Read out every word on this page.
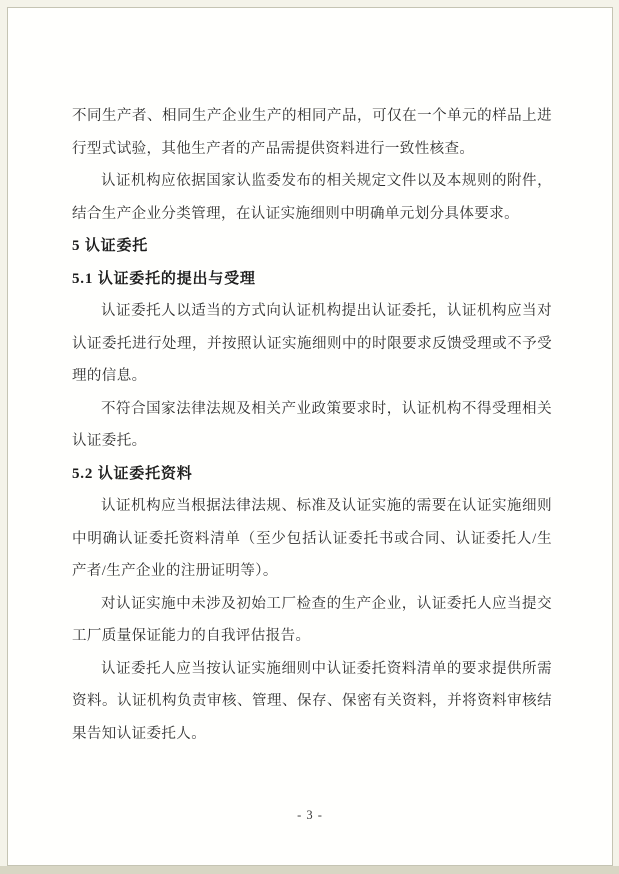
不同生产者、相同生产企业生产的相同产品，可仅在一个单元的样品上进行型式试验，其他生产者的产品需提供资料进行一致性核查。

认证机构应依据国家认监委发布的相关规定文件以及本规则的附件，结合生产企业分类管理，在认证实施细则中明确单元划分具体要求。

5 认证委托

5.1 认证委托的提出与受理

认证委托人以适当的方式向认证机构提出认证委托，认证机构应当对认证委托进行处理，并按照认证实施细则中的时限要求反馈受理或不予受理的信息。

不符合国家法律法规及相关产业政策要求时，认证机构不得受理相关认证委托。

5.2 认证委托资料

认证机构应当根据法律法规、标准及认证实施的需要在认证实施细则中明确认证委托资料清单（至少包括认证委托书或合同、认证委托人/生产者/生产企业的注册证明等）。

对认证实施中未涉及初始工厂检查的生产企业，认证委托人应当提交工厂质量保证能力的自我评估报告。

认证委托人应当按认证实施细则中认证委托资料清单的要求提供所需资料。认证机构负责审核、管理、保存、保密有关资料，并将资料审核结果告知认证委托人。

- 3 -
